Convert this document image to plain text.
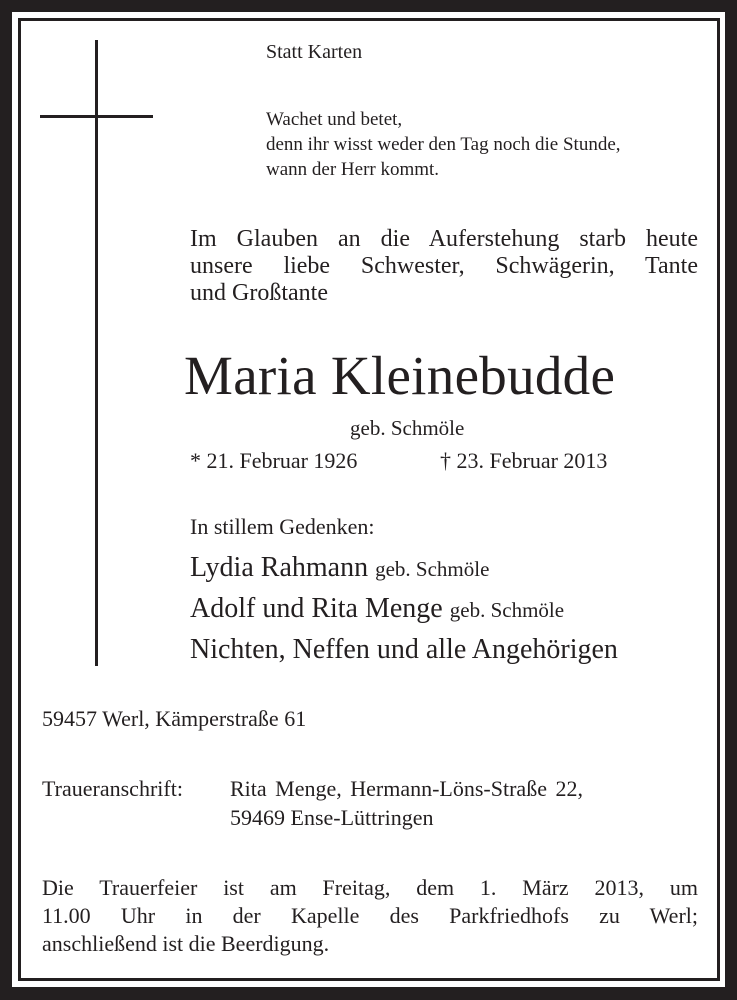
Statt Karten
Wachet und betet,
denn ihr wisst weder den Tag noch die Stunde,
wann der Herr kommt.
Im Glauben an die Auferstehung starb heute
unsere liebe Schwester, Schwägerin, Tante
und Großtante
Maria Kleinebudde
geb. Schmöle
* 21. Februar 1926	† 23. Februar 2013
In stillem Gedenken:
Lydia Rahmann geb. Schmöle
Adolf und Rita Menge geb. Schmöle
Nichten, Neffen und alle Angehörigen
59457 Werl, Kämperstraße 61
Traueranschrift: Rita Menge, Hermann-Löns-Straße 22,
59469 Ense-Lüttringen
Die Trauerfeier ist am Freitag, dem 1. März 2013, um
11.00 Uhr in der Kapelle des Parkfriedhofs zu Werl;
anschließend ist die Beerdigung.
